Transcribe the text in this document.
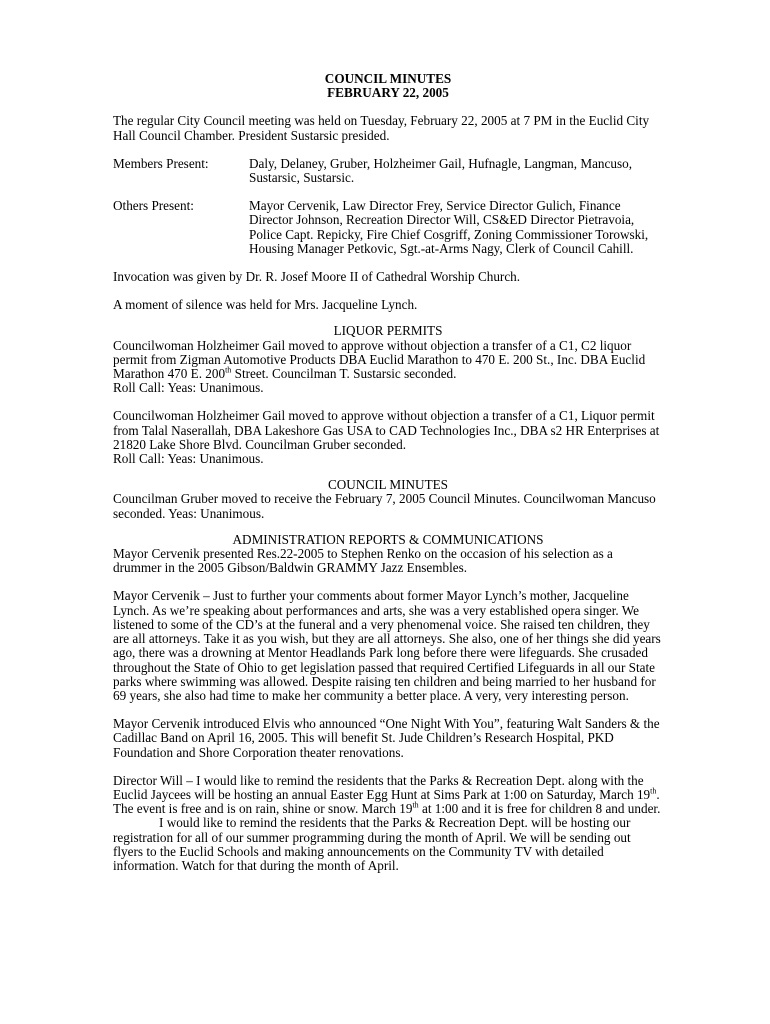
COUNCIL MINUTES

FEBRUARY 22, 2005

The regular City Council meeting was held on Tuesday, February 22, 2005 at 7 PM in the Euclid City Hall Council Chamber. President Sustarsic presided.

Members Present:	Daly, Delaney, Gruber, Holzheimer Gail, Hufnagle, Langman, Mancuso, Sustarsic, Sustarsic.
Others Present:	Mayor Cervenik, Law Director Frey, Service Director Gulich, Finance Director Johnson, Recreation Director Will, CS&ED Director Pietravoia, Police Capt. Repicky, Fire Chief Cosgriff, Zoning Commissioner Torowski, Housing Manager Petkovic, Sgt.-at-Arms Nagy, Clerk of Council Cahill.

Invocation was given by Dr. R. Josef Moore II of Cathedral Worship Church.

A moment of silence was held for Mrs. Jacqueline Lynch.

LIQUOR PERMITS

Councilwoman Holzheimer Gail moved to approve without objection a transfer of a C1, C2 liquor permit from Zigman Automotive Products DBA Euclid Marathon to 470 E. 200 St., Inc. DBA Euclid Marathon 470 E. 200th Street. Councilman T. Sustarsic seconded.

Roll Call: Yeas: Unanimous.

Councilwoman Holzheimer Gail moved to approve without objection a transfer of a C1, Liquor permit from Talal Naserallah, DBA Lakeshore Gas USA to CAD Technologies Inc., DBA s2 HR Enterprises at 21820 Lake Shore Blvd. Councilman Gruber seconded.

Roll Call: Yeas: Unanimous.

COUNCIL MINUTES

Councilman Gruber moved to receive the February 7, 2005 Council Minutes. Councilwoman Mancuso seconded. Yeas: Unanimous.

ADMINISTRATION REPORTS & COMMUNICATIONS

Mayor Cervenik presented Res.22-2005 to Stephen Renko on the occasion of his selection as a drummer in the 2005 Gibson/Baldwin GRAMMY Jazz Ensembles.

Mayor Cervenik – Just to further your comments about former Mayor Lynch’s mother, Jacqueline Lynch. As we’re speaking about performances and arts, she was a very established opera singer. We listened to some of the CD’s at the funeral and a very phenomenal voice. She raised ten children, they are all attorneys. Take it as you wish, but they are all attorneys. She also, one of her things she did years ago, there was a drowning at Mentor Headlands Park long before there were lifeguards. She crusaded throughout the State of Ohio to get legislation passed that required Certified Lifeguards in all our State parks where swimming was allowed. Despite raising ten children and being married to her husband for 69 years, she also had time to make her community a better place. A very, very interesting person.

Mayor Cervenik introduced Elvis who announced “One Night With You”, featuring Walt Sanders & the Cadillac Band on April 16, 2005. This will benefit St. Jude Children’s Research Hospital, PKD Foundation and Shore Corporation theater renovations.

Director Will – I would like to remind the residents that the Parks & Recreation Dept. along with the Euclid Jaycees will be hosting an annual Easter Egg Hunt at Sims Park at 1:00 on Saturday, March 19th. The event is free and is on rain, shine or snow. March 19th at 1:00 and it is free for children 8 and under.

I would like to remind the residents that the Parks & Recreation Dept. will be hosting our registration for all of our summer programming during the month of April. We will be sending out flyers to the Euclid Schools and making announcements on the Community TV with detailed information. Watch for that during the month of April.
